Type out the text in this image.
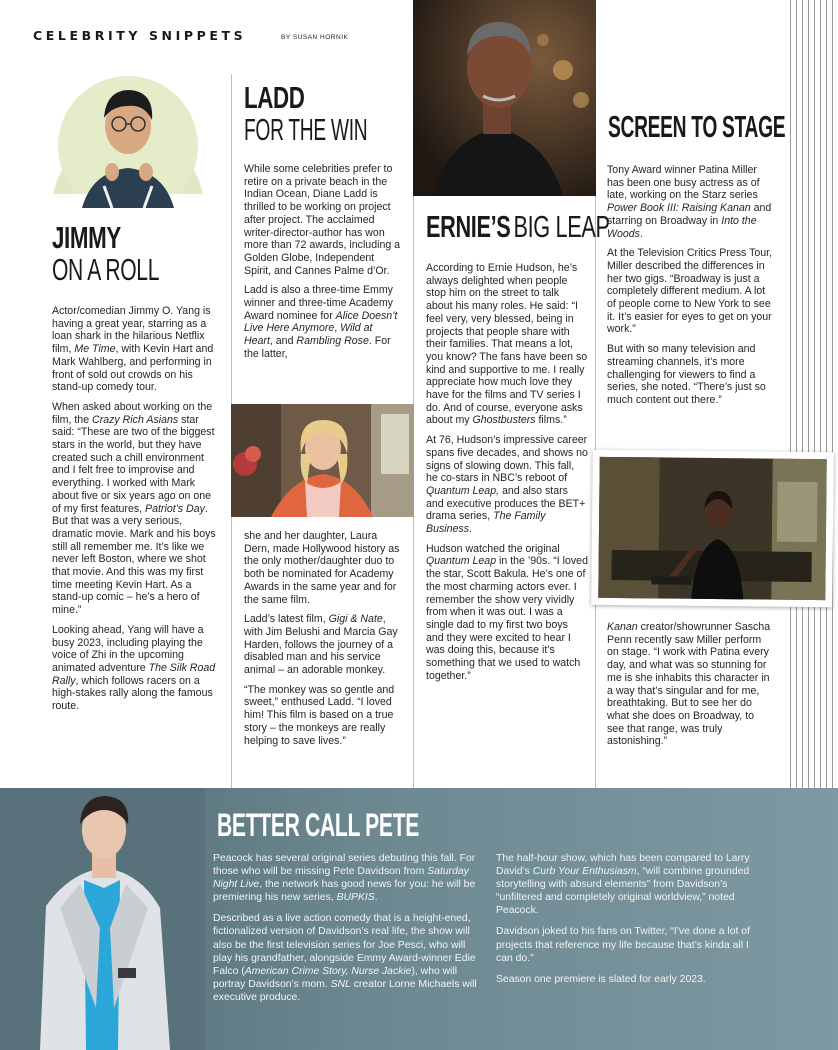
CELEBRITY SNIPPETS	BY SUSAN HORNIK
JIMMY
ON A ROLL

Actor/comedian Jimmy O. Yang is having a great year, starring as a loan shark in the hilarious Netflix film, Me Time, with Kevin Hart and Mark Wahlberg, and performing in front of sold out crowds on his stand-up comedy tour.

When asked about working on the film, the Crazy Rich Asians star said: “These are two of the biggest stars in the world, but they have created such a chill environment and I felt free to improvise and everything. I worked with Mark about five or six years ago on one of my first features, Patriot’s Day. But that was a very serious, dramatic movie. Mark and his boys still all remember me. It’s like we never left Boston, where we shot that movie. And this was my first time meeting Kevin Hart. As a stand-up comic – he’s a hero of mine.”

Looking ahead, Yang will have a busy 2023, including playing the voice of Zhi in the upcoming animated adventure The Silk Road Rally, which follows racers on a high-stakes rally along the famous route.

LADD
FOR THE WIN

While some celebrities prefer to retire on a private beach in the Indian Ocean, Diane Ladd is thrilled to be working on project after project. The acclaimed writer-director-author has won more than 72 awards, including a Golden Globe, Independent Spirit, and Cannes Palme d’Or.

Ladd is also a three-time Emmy winner and three-time Academy Award nominee for Alice Doesn’t Live Here Anymore, Wild at Heart, and Rambling Rose. For the latter,

she and her daughter, Laura Dern, made Hollywood history as the only mother/daughter duo to both be nominated for Academy Awards in the same year and for the same film.

Ladd’s latest film, Gigi & Nate, with Jim Belushi and Marcia Gay Harden, follows the journey of a disabled man and his service animal – an adorable monkey.

“The monkey was so gentle and sweet,” enthused Ladd. “I loved him! This film is based on a true story – the monkeys are really helping to save lives.”

ERNIE’S BIG LEAP

According to Ernie Hudson, he’s always delighted when people stop him on the street to talk about his many roles. He said: “I feel very, very blessed, being in projects that people share with their families. That means a lot, you know? The fans have been so kind and supportive to me. I really appreciate how much love they have for the films and TV series I do. And of course, everyone asks about my Ghostbusters films.”

At 76, Hudson’s impressive career spans five decades, and shows no signs of slowing down. This fall, he co-stars in NBC’s reboot of Quantum Leap, and also stars and executive produces the BET+ drama series, The Family Business.

Hudson watched the original Quantum Leap in the ’90s. “I loved the star, Scott Bakula. He’s one of the most charming actors ever. I remember the show very vividly from when it was out. I was a single dad to my first two boys and they were excited to hear I was doing this, because it’s something that we used to watch together.”

SCREEN TO STAGE

Tony Award winner Patina Miller has been one busy actress as of late, working on the Starz series Power Book III: Raising Kanan and starring on Broadway in Into the Woods.

At the Television Critics Press Tour, Miller described the differences in her two gigs. “Broadway is just a completely different medium. A lot of people come to New York to see it. It’s easier for eyes to get on your work.”

But with so many television and streaming channels, it’s more challenging for viewers to find a series, she noted. “There’s just so much content out there.”

Kanan creator/showrunner Sascha Penn recently saw Miller perform on stage. “I work with Patina every day, and what was so stunning for me is she inhabits this character in a way that’s singular and for me, breathtaking. But to see her do what she does on Broadway, to see that range, was truly astonishing.”

BETTER CALL PETE

Peacock has several original series debuting this fall. For those who will be missing Pete Davidson from Saturday Night Live, the network has good news for you: he will be premiering his new series, BUPKIS.

Described as a live action comedy that is a height-ened, fictionalized version of Davidson’s real life, the show will also be the first television series for Joe Pesci, who will play his grandfather, alongside Emmy Award-winner Edie Falco (American Crime Story, Nurse Jackie), who will portray Davidson’s mom. SNL creator Lorne Michaels will executive produce.

The half-hour show, which has been compared to Larry David’s Curb Your Enthusiasm, “will combine grounded storytelling with absurd elements” from Davidson’s “unfiltered and completely original worldview,” noted Peacock.

Davidson joked to his fans on Twitter, “I’ve done a lot of projects that reference my life because that’s kinda all I can do.”

Season one premiere is slated for early 2023.
